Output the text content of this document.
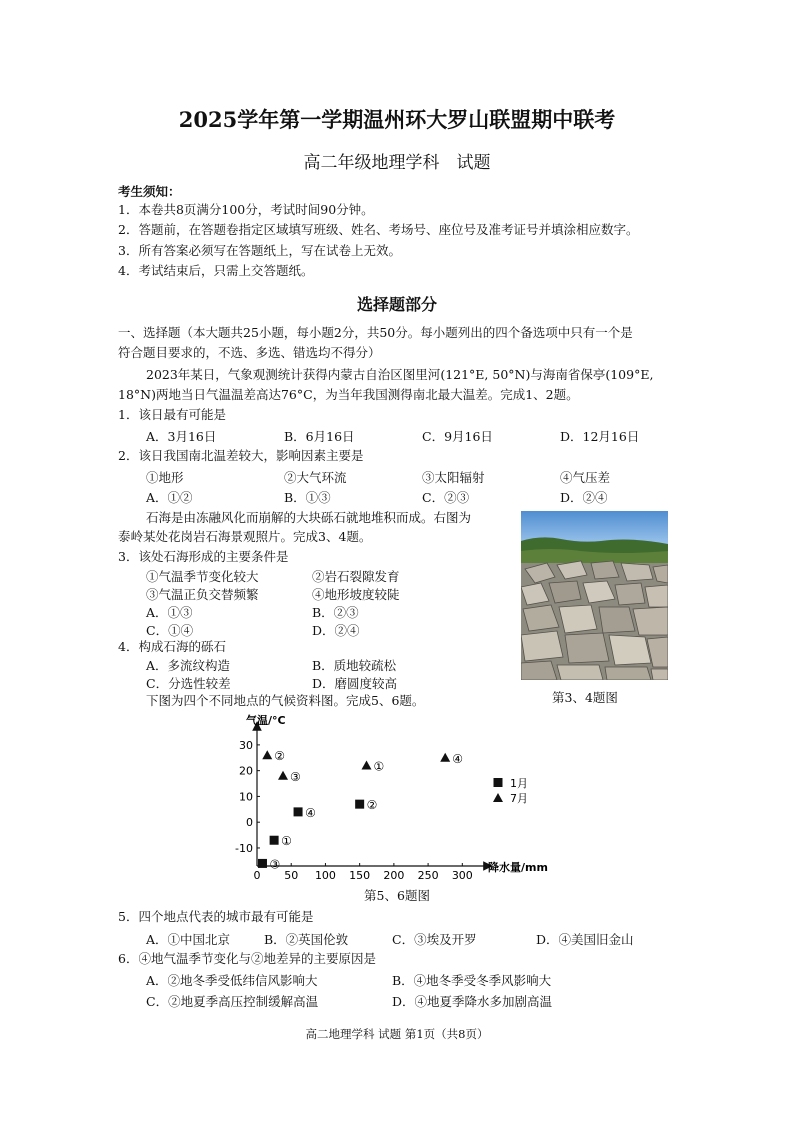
2025学年第一学期温州环大罗山联盟期中联考
高二年级地理学科　试题
考生须知：
1．本卷共8页满分100分，考试时间90分钟。
2．答题前，在答题卷指定区域填写班级、姓名、考场号、座位号及准考证号并填涂相应数字。
3．所有答案必须写在答题纸上，写在试卷上无效。
4．考试结束后，只需上交答题纸。
选择题部分
一、选择题（本大题共25小题，每小题2分，共50分。每小题列出的四个备选项中只有一个是
符合题目要求的，不选、多选、错选均不得分）
2023年某日，气象观测统计获得内蒙古自治区图里河(121°E, 50°N)与海南省保亭(109°E,
18°N)两地当日气温温差高达76°C，为当年我国测得南北最大温差。完成1、2题。
1．该日最有可能是
A．3月16日	B．6月16日	C．9月16日	D．12月16日
2．该日我国南北温差较大，影响因素主要是
①地形	②大气环流	③太阳辐射	④气压差
A．①②	B．①③	C．②③	D．②④
石海是由冻融风化而崩解的大块砾石就地堆积而成。右图为
泰岭某处花岗岩石海景观照片。完成3、4题。
3．该处石海形成的主要条件是
①气温季节变化较大	②岩石裂隙发育
③气温正负交替频繁	④地形坡度较陡
A．①③	B．②③
C．①④	D．②④
4．构成石海的砾石
A．多流纹构造	B．质地较疏松
C．分选性较差	D．磨圆度较高
第3、4题图
下图为四个不同地点的气候资料图。完成5、6题。
0 50 100 150 200 250 300
-10
0
10
20
30
①
②
③
④
①
②
③
④
1月
7月
气温/°C
降水量/mm
第5、6题图
5．四个地点代表的城市最有可能是
A．①中国北京	B．②英国伦敦	C．③埃及开罗	D．④美国旧金山
6．④地气温季节变化与②地差异的主要原因是
A．②地冬季受低纬信风影响大	B．④地冬季受冬季风影响大
C．②地夏季高压控制缓解高温	D．④地夏季降水多加剧高温
高二地理学科 试题 第1页（共8页）
